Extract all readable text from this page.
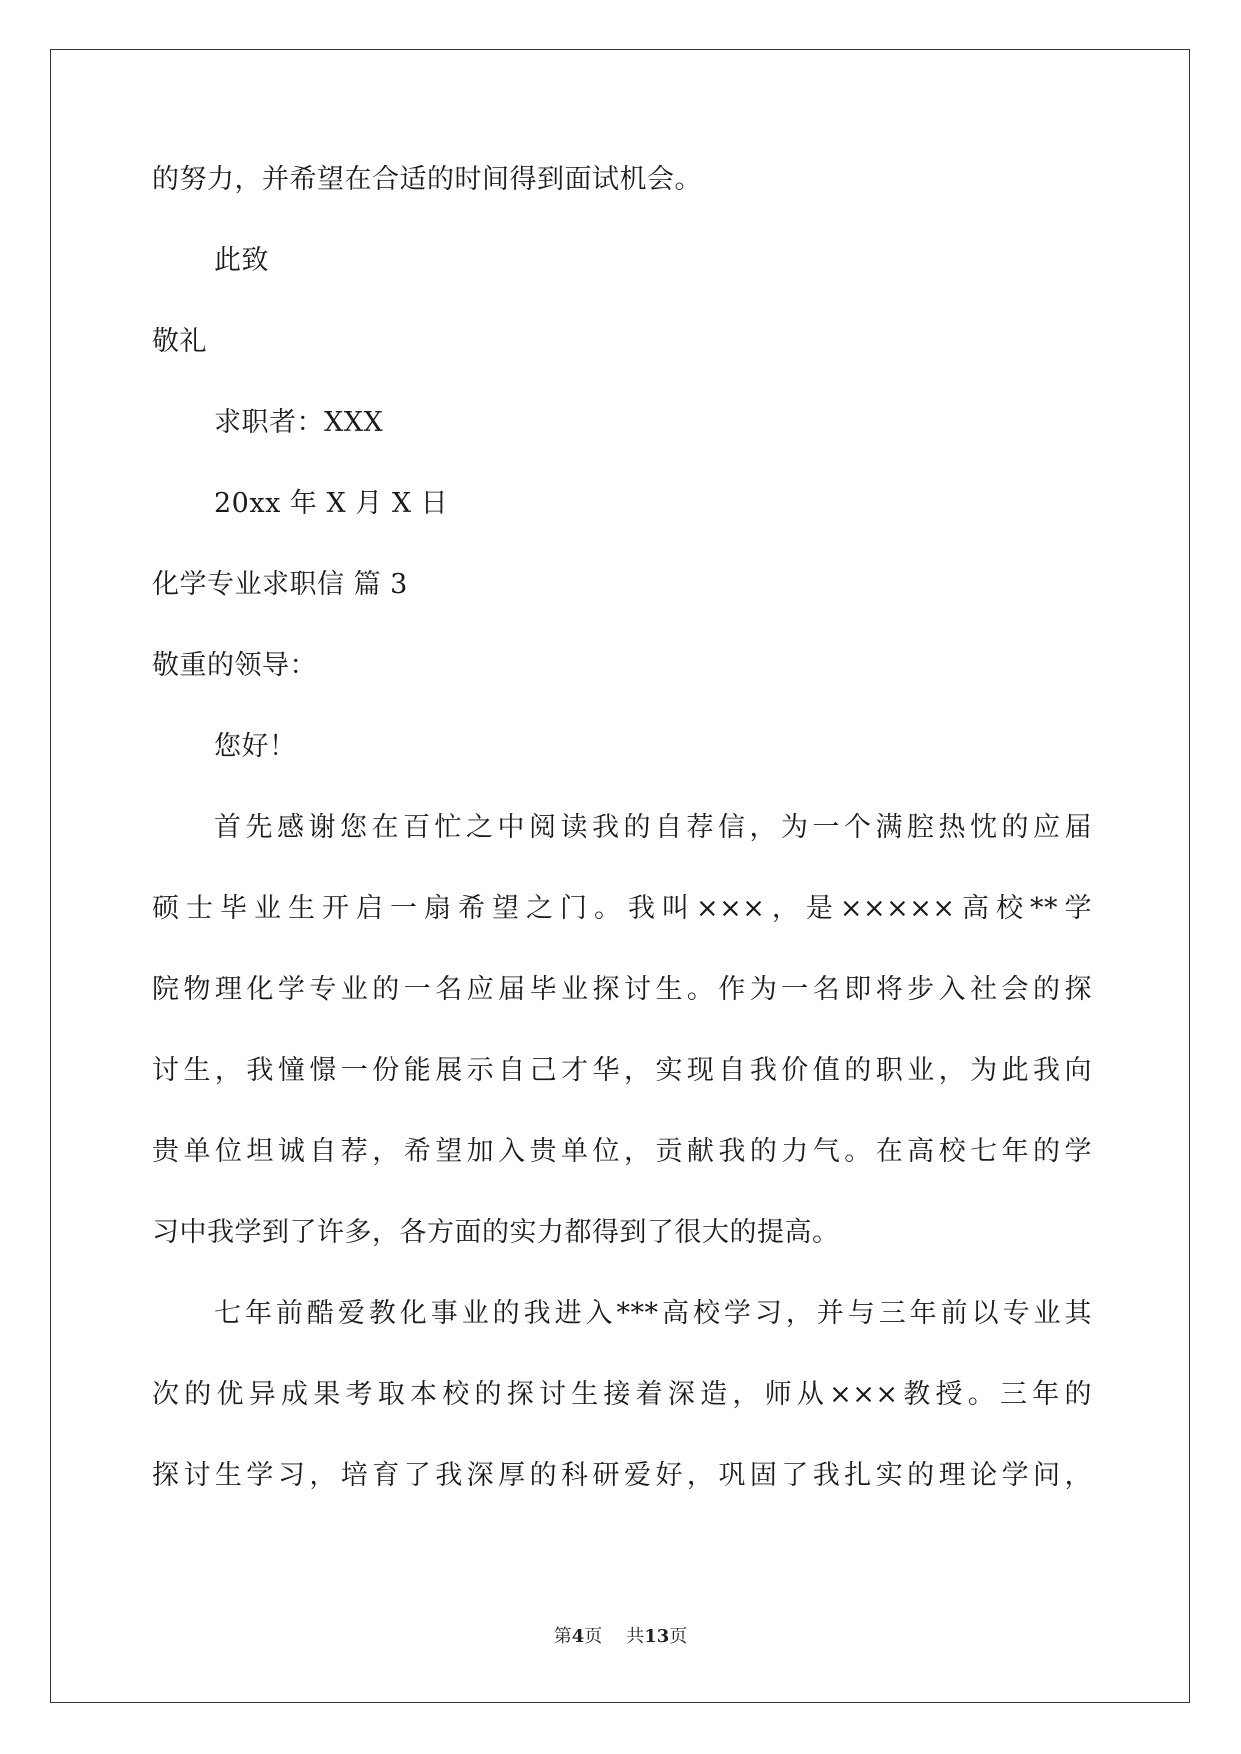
的努力，并希望在合适的时间得到面试机会。
此致
敬礼
求职者：XXX
20xx 年 X 月 X 日
化学专业求职信 篇 3
敬重的领导：
您好！
首先感谢您在百忙之中阅读我的自荐信，为一个满腔热忱的应届
硕士毕业生开启一扇希望之门。我叫×××，是×××××高校**学
院物理化学专业的一名应届毕业探讨生。作为一名即将步入社会的探
讨生，我憧憬一份能展示自己才华，实现自我价值的职业，为此我向
贵单位坦诚自荐，希望加入贵单位，贡献我的力气。在高校七年的学
习中我学到了许多，各方面的实力都得到了很大的提高。
七年前酷爱教化事业的我进入***高校学习，并与三年前以专业其
次的优异成果考取本校的探讨生接着深造，师从×××教授。三年的
探讨生学习，培育了我深厚的科研爱好，巩固了我扎实的理论学问，
第4页 共13页
